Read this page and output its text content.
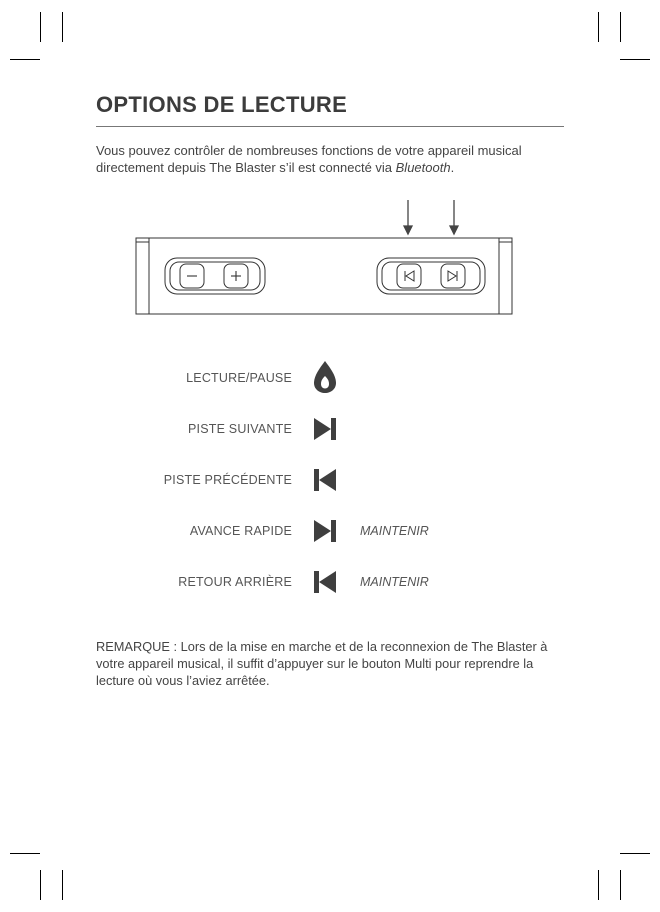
OPTIONS DE LECTURE

Vous pouvez contrôler de nombreuses fonctions de votre appareil musical directement depuis The Blaster s’il est connecté via Bluetooth.

LECTURE/PAUSE
PISTE SUIVANTE
PISTE PRÉCÉDENTE
AVANCE RAPIDE	MAINTENIR
RETOUR ARRIÈRE	MAINTENIR

REMARQUE : Lors de la mise en marche et de la reconnexion de The Blaster à votre appareil musical, il suffit d’appuyer sur le bouton Multi pour reprendre la lecture où vous l’aviez arrêtée.
